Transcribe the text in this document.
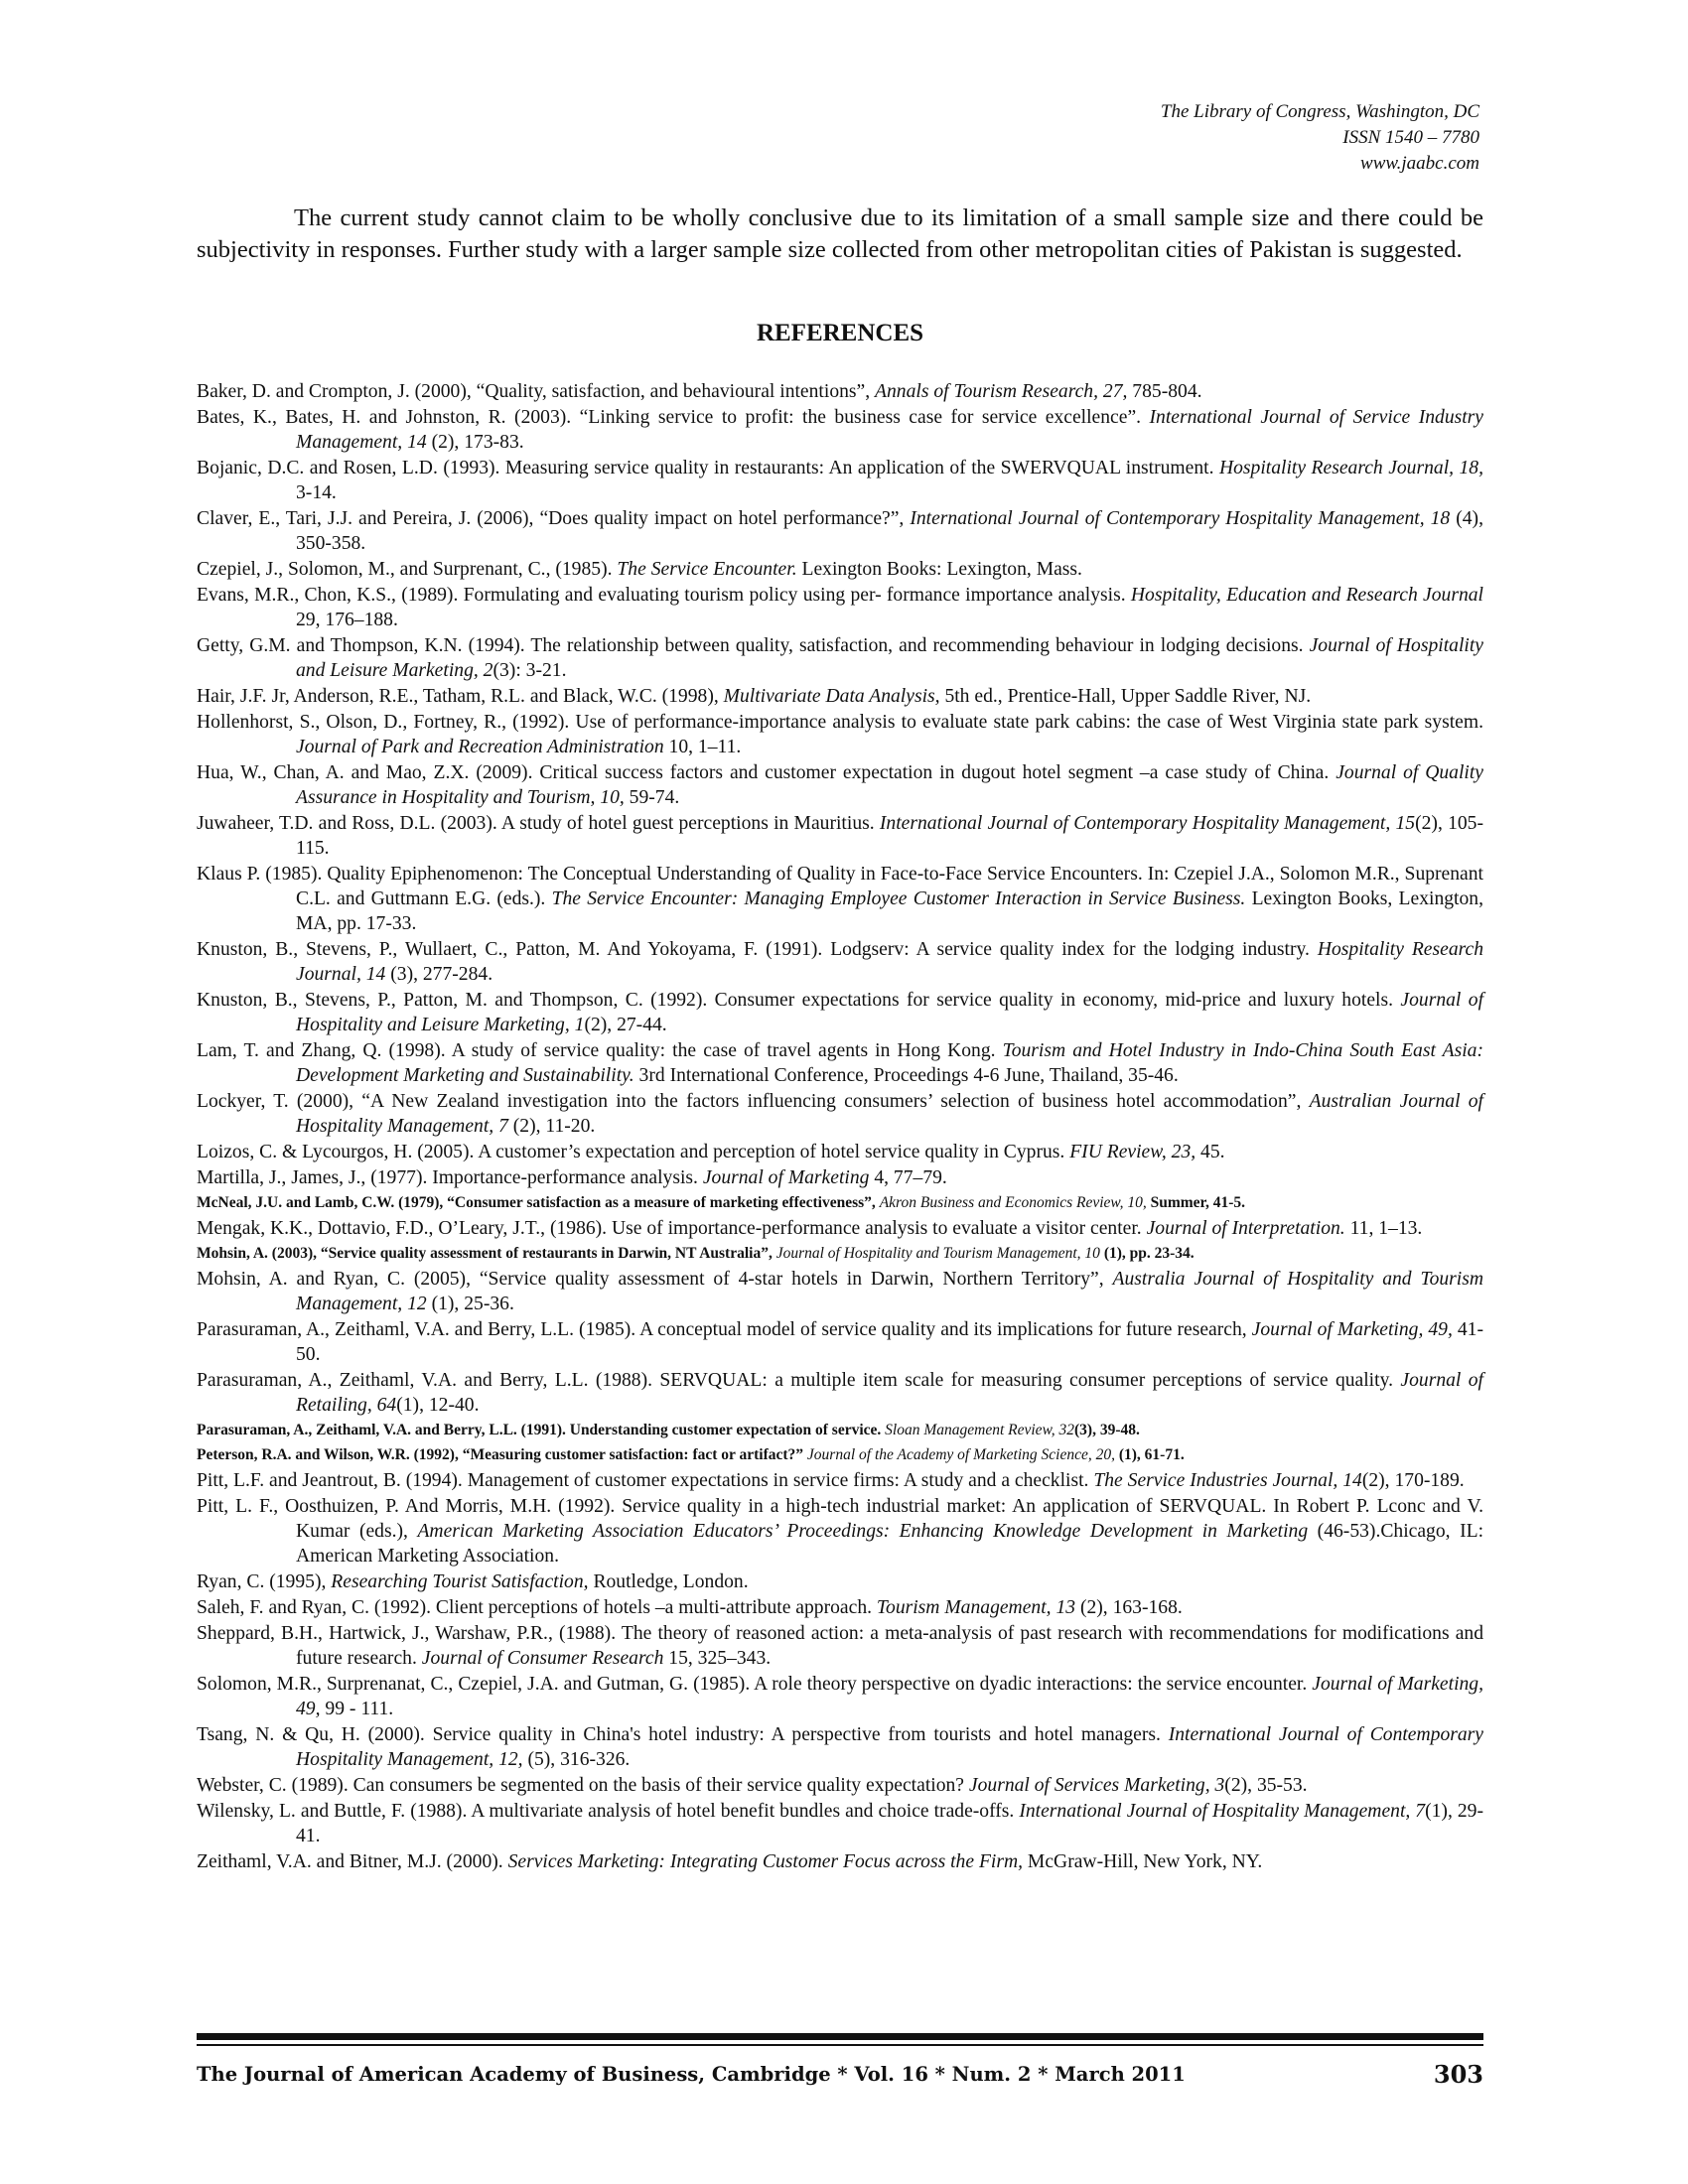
The Library of Congress, Washington, DC
ISSN 1540 – 7780
www.jaabc.com

The current study cannot claim to be wholly conclusive due to its limitation of a small sample size and there could be subjectivity in responses. Further study with a larger sample size collected from other metropolitan cities of Pakistan is suggested.

REFERENCES
Baker, D. and Crompton, J. (2000), “Quality, satisfaction, and behavioural intentions”, Annals of Tourism Research, 27, 785-804.
Bates, K., Bates, H. and Johnston, R. (2003). “Linking service to profit: the business case for service excellence”. International Journal of Service Industry Management, 14 (2), 173-83.
Bojanic, D.C. and Rosen, L.D. (1993). Measuring service quality in restaurants: An application of the SWERVQUAL instrument. Hospitality Research Journal, 18, 3-14.
Claver, E., Tari, J.J. and Pereira, J. (2006), “Does quality impact on hotel performance?”, International Journal of Contemporary Hospitality Management, 18 (4), 350-358.
Czepiel, J., Solomon, M., and Surprenant, C., (1985). The Service Encounter. Lexington Books: Lexington, Mass.
Evans, M.R., Chon, K.S., (1989). Formulating and evaluating tourism policy using per- formance importance analysis. Hospitality, Education and Research Journal 29, 176–188.
Getty, G.M. and Thompson, K.N. (1994). The relationship between quality, satisfaction, and recommending behaviour in lodging decisions. Journal of Hospitality and Leisure Marketing, 2(3): 3-21.
Hair, J.F. Jr, Anderson, R.E., Tatham, R.L. and Black, W.C. (1998), Multivariate Data Analysis, 5th ed., Prentice-Hall, Upper Saddle River, NJ.
Hollenhorst, S., Olson, D., Fortney, R., (1992). Use of performance-importance analysis to evaluate state park cabins: the case of West Virginia state park system. Journal of Park and Recreation Administration 10, 1–11.
Hua, W., Chan, A. and Mao, Z.X. (2009). Critical success factors and customer expectation in dugout hotel segment –a case study of China. Journal of Quality Assurance in Hospitality and Tourism, 10, 59-74.
Juwaheer, T.D. and Ross, D.L. (2003). A study of hotel guest perceptions in Mauritius. International Journal of Contemporary Hospitality Management, 15(2), 105-115.
Klaus P. (1985). Quality Epiphenomenon: The Conceptual Understanding of Quality in Face-to-Face Service Encounters. In: Czepiel J.A., Solomon M.R., Suprenant C.L. and Guttmann E.G. (eds.). The Service Encounter: Managing Employee Customer Interaction in Service Business. Lexington Books, Lexington, MA, pp. 17-33.
Knuston, B., Stevens, P., Wullaert, C., Patton, M. And Yokoyama, F. (1991). Lodgserv: A service quality index for the lodging industry. Hospitality Research Journal, 14 (3), 277-284.
Knuston, B., Stevens, P., Patton, M. and Thompson, C. (1992). Consumer expectations for service quality in economy, mid-price and luxury hotels. Journal of Hospitality and Leisure Marketing, 1(2), 27-44.
Lam, T. and Zhang, Q. (1998). A study of service quality: the case of travel agents in Hong Kong. Tourism and Hotel Industry in Indo-China South East Asia: Development Marketing and Sustainability. 3rd International Conference, Proceedings 4-6 June, Thailand, 35-46.
Lockyer, T. (2000), “A New Zealand investigation into the factors influencing consumers’ selection of business hotel accommodation”, Australian Journal of Hospitality Management, 7 (2), 11-20.
Loizos, C. & Lycourgos, H. (2005). A customer’s expectation and perception of hotel service quality in Cyprus. FIU Review, 23, 45.
Martilla, J., James, J., (1977). Importance-performance analysis. Journal of Marketing 4, 77–79.
McNeal, J.U. and Lamb, C.W. (1979), “Consumer satisfaction as a measure of marketing effectiveness”, Akron Business and Economics Review, 10, Summer, 41-5.
Mengak, K.K., Dottavio, F.D., O’Leary, J.T., (1986). Use of importance-performance analysis to evaluate a visitor center. Journal of Interpretation. 11, 1–13.
Mohsin, A. (2003), “Service quality assessment of restaurants in Darwin, NT Australia”, Journal of Hospitality and Tourism Management, 10 (1), pp. 23-34.
Mohsin, A. and Ryan, C. (2005), “Service quality assessment of 4-star hotels in Darwin, Northern Territory”, Australia Journal of Hospitality and Tourism Management, 12 (1), 25-36.
Parasuraman, A., Zeithaml, V.A. and Berry, L.L. (1985). A conceptual model of service quality and its implications for future research, Journal of Marketing, 49, 41-50.
Parasuraman, A., Zeithaml, V.A. and Berry, L.L. (1988). SERVQUAL: a multiple item scale for measuring consumer perceptions of service quality. Journal of Retailing, 64(1), 12-40.
Parasuraman, A., Zeithaml, V.A. and Berry, L.L. (1991). Understanding customer expectation of service. Sloan Management Review, 32(3), 39-48.
Peterson, R.A. and Wilson, W.R. (1992), “Measuring customer satisfaction: fact or artifact?” Journal of the Academy of Marketing Science, 20, (1), 61-71.
Pitt, L.F. and Jeantrout, B. (1994). Management of customer expectations in service firms: A study and a checklist. The Service Industries Journal, 14(2), 170-189.
Pitt, L. F., Oosthuizen, P. And Morris, M.H. (1992). Service quality in a high-tech industrial market: An application of SERVQUAL. In Robert P. Lconc and V. Kumar (eds.), American Marketing Association Educators’ Proceedings: Enhancing Knowledge Development in Marketing (46-53).Chicago, IL: American Marketing Association.
Ryan, C. (1995), Researching Tourist Satisfaction, Routledge, London.
Saleh, F. and Ryan, C. (1992). Client perceptions of hotels –a multi-attribute approach. Tourism Management, 13 (2), 163-168.
Sheppard, B.H., Hartwick, J., Warshaw, P.R., (1988). The theory of reasoned action: a meta-analysis of past research with recommendations for modifications and future research. Journal of Consumer Research 15, 325–343.
Solomon, M.R., Surprenanat, C., Czepiel, J.A. and Gutman, G. (1985). A role theory perspective on dyadic interactions: the service encounter. Journal of Marketing, 49, 99 - 111.
Tsang, N. & Qu, H. (2000). Service quality in China's hotel industry: A perspective from tourists and hotel managers. International Journal of Contemporary Hospitality Management, 12, (5), 316-326.
Webster, C. (1989). Can consumers be segmented on the basis of their service quality expectation? Journal of Services Marketing, 3(2), 35-53.
Wilensky, L. and Buttle, F. (1988). A multivariate analysis of hotel benefit bundles and choice trade-offs. International Journal of Hospitality Management, 7(1), 29-41.
Zeithaml, V.A. and Bitner, M.J. (2000). Services Marketing: Integrating Customer Focus across the Firm, McGraw-Hill, New York, NY.
The Journal of American Academy of Business, Cambridge * Vol. 16 * Num. 2 * March 2011	303
